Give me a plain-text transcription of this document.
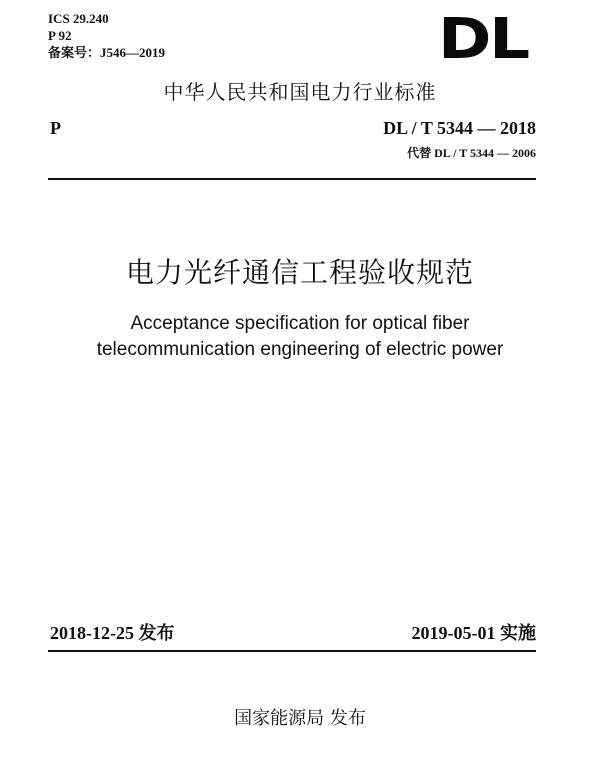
ICS 29.240
P 92
备案号：J546—2019	DL
中华人民共和国电力行业标准
P	DL / T 5344 — 2018
代替 DL / T 5344 — 2006
电力光纤通信工程验收规范
Acceptance specification for optical fiber
telecommunication engineering of electric power
2018-12-25 发布	2019-05-01 实施
国家能源局 发布
